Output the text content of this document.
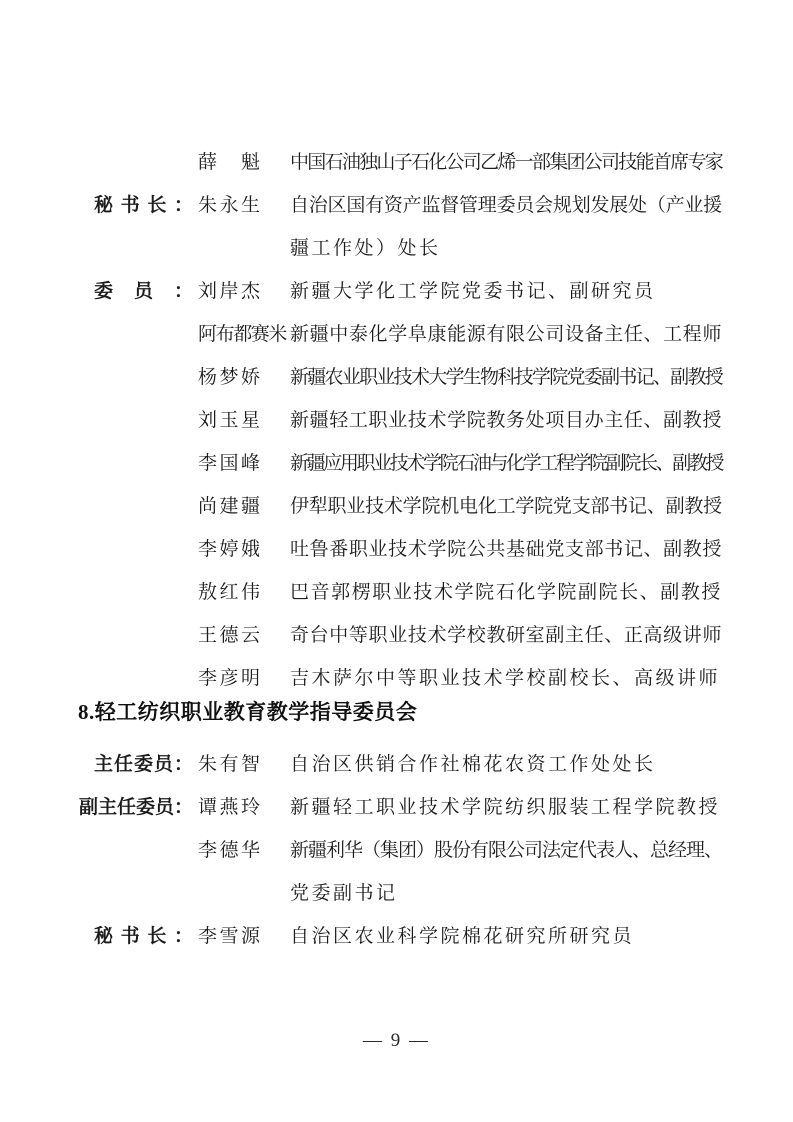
薛　魁	中国石油独山子石化公司乙烯一部集团公司技能首席专家
秘书长： 朱永生	自治区国有资产监督管理委员会规划发展处（产业援
疆工作处）处长
委员： 刘岸杰	新疆大学化工学院党委书记、副研究员
阿布都赛米 新疆中泰化学阜康能源有限公司设备主任、工程师
杨梦娇	新疆农业职业技术大学生物科技学院党委副书记、副教授
刘玉星	新疆轻工职业技术学院教务处项目办主任、副教授
李国峰	新疆应用职业技术学院石油与化学工程学院副院长、副教授
尚建疆	伊犁职业技术学院机电化工学院党支部书记、副教授
李婷娥	吐鲁番职业技术学院公共基础党支部书记、副教授
敖红伟	巴音郭楞职业技术学院石化学院副院长、副教授
王德云	奇台中等职业技术学校教研室副主任、正高级讲师
李彦明	吉木萨尔中等职业技术学校副校长、高级讲师
8.轻工纺织职业教育教学指导委员会
主任委员： 朱有智	自治区供销合作社棉花农资工作处处长
副主任委员： 谭燕玲	新疆轻工职业技术学院纺织服装工程学院教授
李德华	新疆利华（集团）股份有限公司法定代表人、总经理、
党委副书记
秘书长： 李雪源	自治区农业科学院棉花研究所研究员
— 9 —
